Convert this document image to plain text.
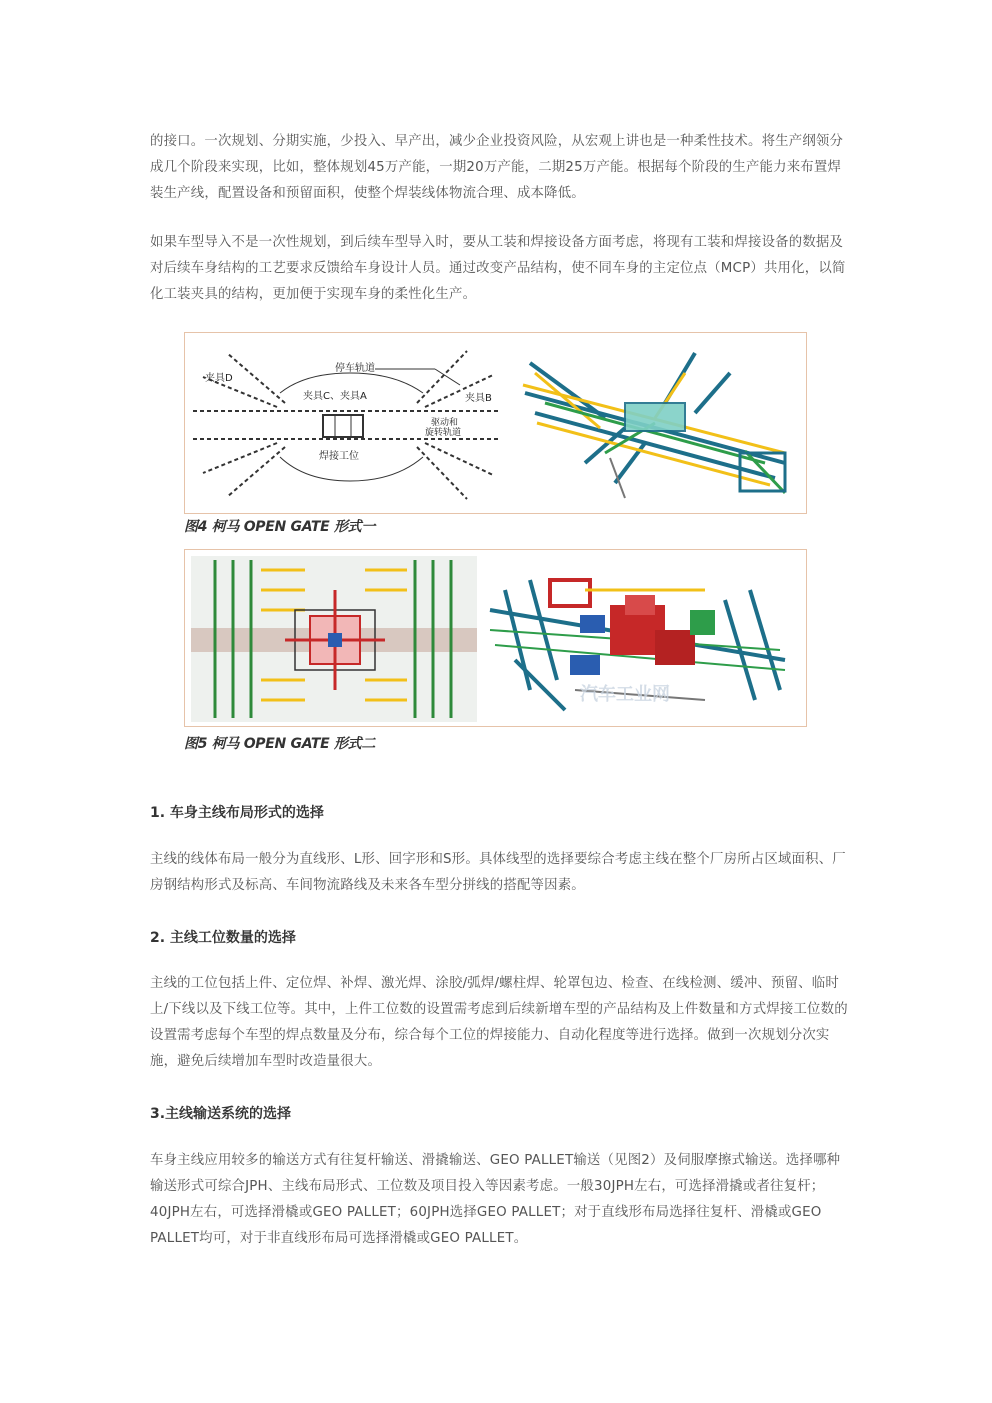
的接口。一次规划、分期实施，少投入、早产出，减少企业投资风险，从宏观上讲也是一种柔性技术。将生产纲领分成几个阶段来实现，比如，整体规划45万产能，一期20万产能，二期25万产能。根据每个阶段的生产能力来布置焊装生产线，配置设备和预留面积，使整个焊装线体物流合理、成本降低。

如果车型导入不是一次性规划，到后续车型导入时，要从工装和焊接设备方面考虑，将现有工装和焊接设备的数据及对后续车身结构的工艺要求反馈给车身设计人员。通过改变产品结构，使不同车身的主定位点（MCP）共用化，以简化工装夹具的结构，更加便于实现车身的柔性化生产。

停车轨道
夹具D
夹具C、夹具A	夹具B
驱动和
旋转轨道
焊接工位
图4 柯马 OPEN GATE 形式一
汽车工业网
图5 柯马 OPEN GATE 形式二
1. 车身主线布局形式的选择

主线的线体布局一般分为直线形、L形、回字形和S形。具体线型的选择要综合考虑主线在整个厂房所占区域面积、厂房钢结构形式及标高、车间物流路线及未来各车型分拼线的搭配等因素。

2. 主线工位数量的选择

主线的工位包括上件、定位焊、补焊、激光焊、涂胶/弧焊/螺柱焊、轮罩包边、检查、在线检测、缓冲、预留、临时上/下线以及下线工位等。其中，上件工位数的设置需考虑到后续新增车型的产品结构及上件数量和方式焊接工位数的设置需考虑每个车型的焊点数量及分布，综合每个工位的焊接能力、自动化程度等进行选择。做到一次规划分次实施，避免后续增加车型时改造量很大。

3.主线输送系统的选择

车身主线应用较多的输送方式有往复杆输送、滑撬输送、GEO PALLET输送（见图2）及伺服摩擦式输送。选择哪种输送形式可综合JPH、主线布局形式、工位数及项目投入等因素考虑。一般30JPH左右，可选择滑撬或者往复杆；40JPH左右，可选择滑橇或GEO PALLET；60JPH选择GEO PALLET；对于直线形布局选择往复杆、滑橇或GEO PALLET均可，对于非直线形布局可选择滑橇或GEO PALLET。
